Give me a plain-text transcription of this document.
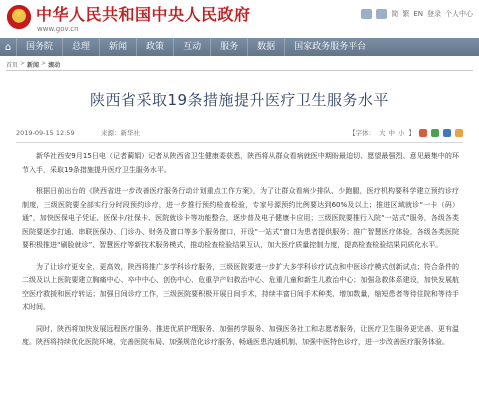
★
中华人民共和国中央人民政府
www.gov.cn
简 繁 EN 登录 个人中心
⌂	国务院	总理	新闻	政策	互动	服务	数据	国家政务服务平台
首页 > 新闻 > 滚动
陕西省采取19条措施提升医疗卫生服务水平
2019-09-15 12:59	来源：新华社	【字体： 大 中 小 】

新华社西安9月15日电（记者蔺娟）记者从陕西省卫生健康委获悉，陕西将从群众看病就医中期盼最迫切、愿望最强烈、意见最集中的环节入手，采取19条措施提升医疗卫生服务水平。

根据日前出台的《陕西省进一步改善医疗服务行动计划重点工作方案》，为了让群众看病少排队、少跑腿，医疗机构要科学建立预约诊疗制度，三级医院要全部实行分时段预约诊疗，进一步推行预约检查检验，专家号源预约比例要达到60%及以上；推进区域就诊“一卡（码）通”，加快医保电子凭证、医保卡/社保卡、医院就诊卡等功能整合，逐步普及电子健康卡应用；三级医院要推行入院“一站式”服务，各级各类医院要逐步打通、串联医保办、门诊办、财务及窗口等多个服务窗口，开设“一站式”窗口为患者提供服务；推广智慧医疗体验，各级各类医院要积极推进“刷脸就诊”、智慧医疗等新技术服务模式，推动检查检验结果互认，加大医疗质量控制力度，提高检查检验结果同质化水平。

为了让诊疗更安全、更高效，陕西将推广多学科诊疗服务，三级医院要进一步扩大多学科诊疗试点和中医诊疗模式创新试点；符合条件的二级及以上医院要建立胸痛中心、卒中中心、创伤中心、危重孕产妇救治中心、危重儿童和新生儿救治中心；加强急救体系建设，加快发展航空医疗救援和医疗转运；加强日间诊疗工作，三级医院要积极开展日间手术，持续丰富日间手术种类、增加数量，缩短患者等待住院和等待手术时间。

同时，陕西将加快发展远程医疗服务、推进优质护理服务、加强药学服务、加强医务社工和志愿者服务，让医疗卫生服务更完善、更有温度。陕西将持续优化医院环境、完善医院布局、加强规范化诊疗服务、畅通医患沟通机制、加强中医特色诊疗，进一步改善医疗服务体验。
